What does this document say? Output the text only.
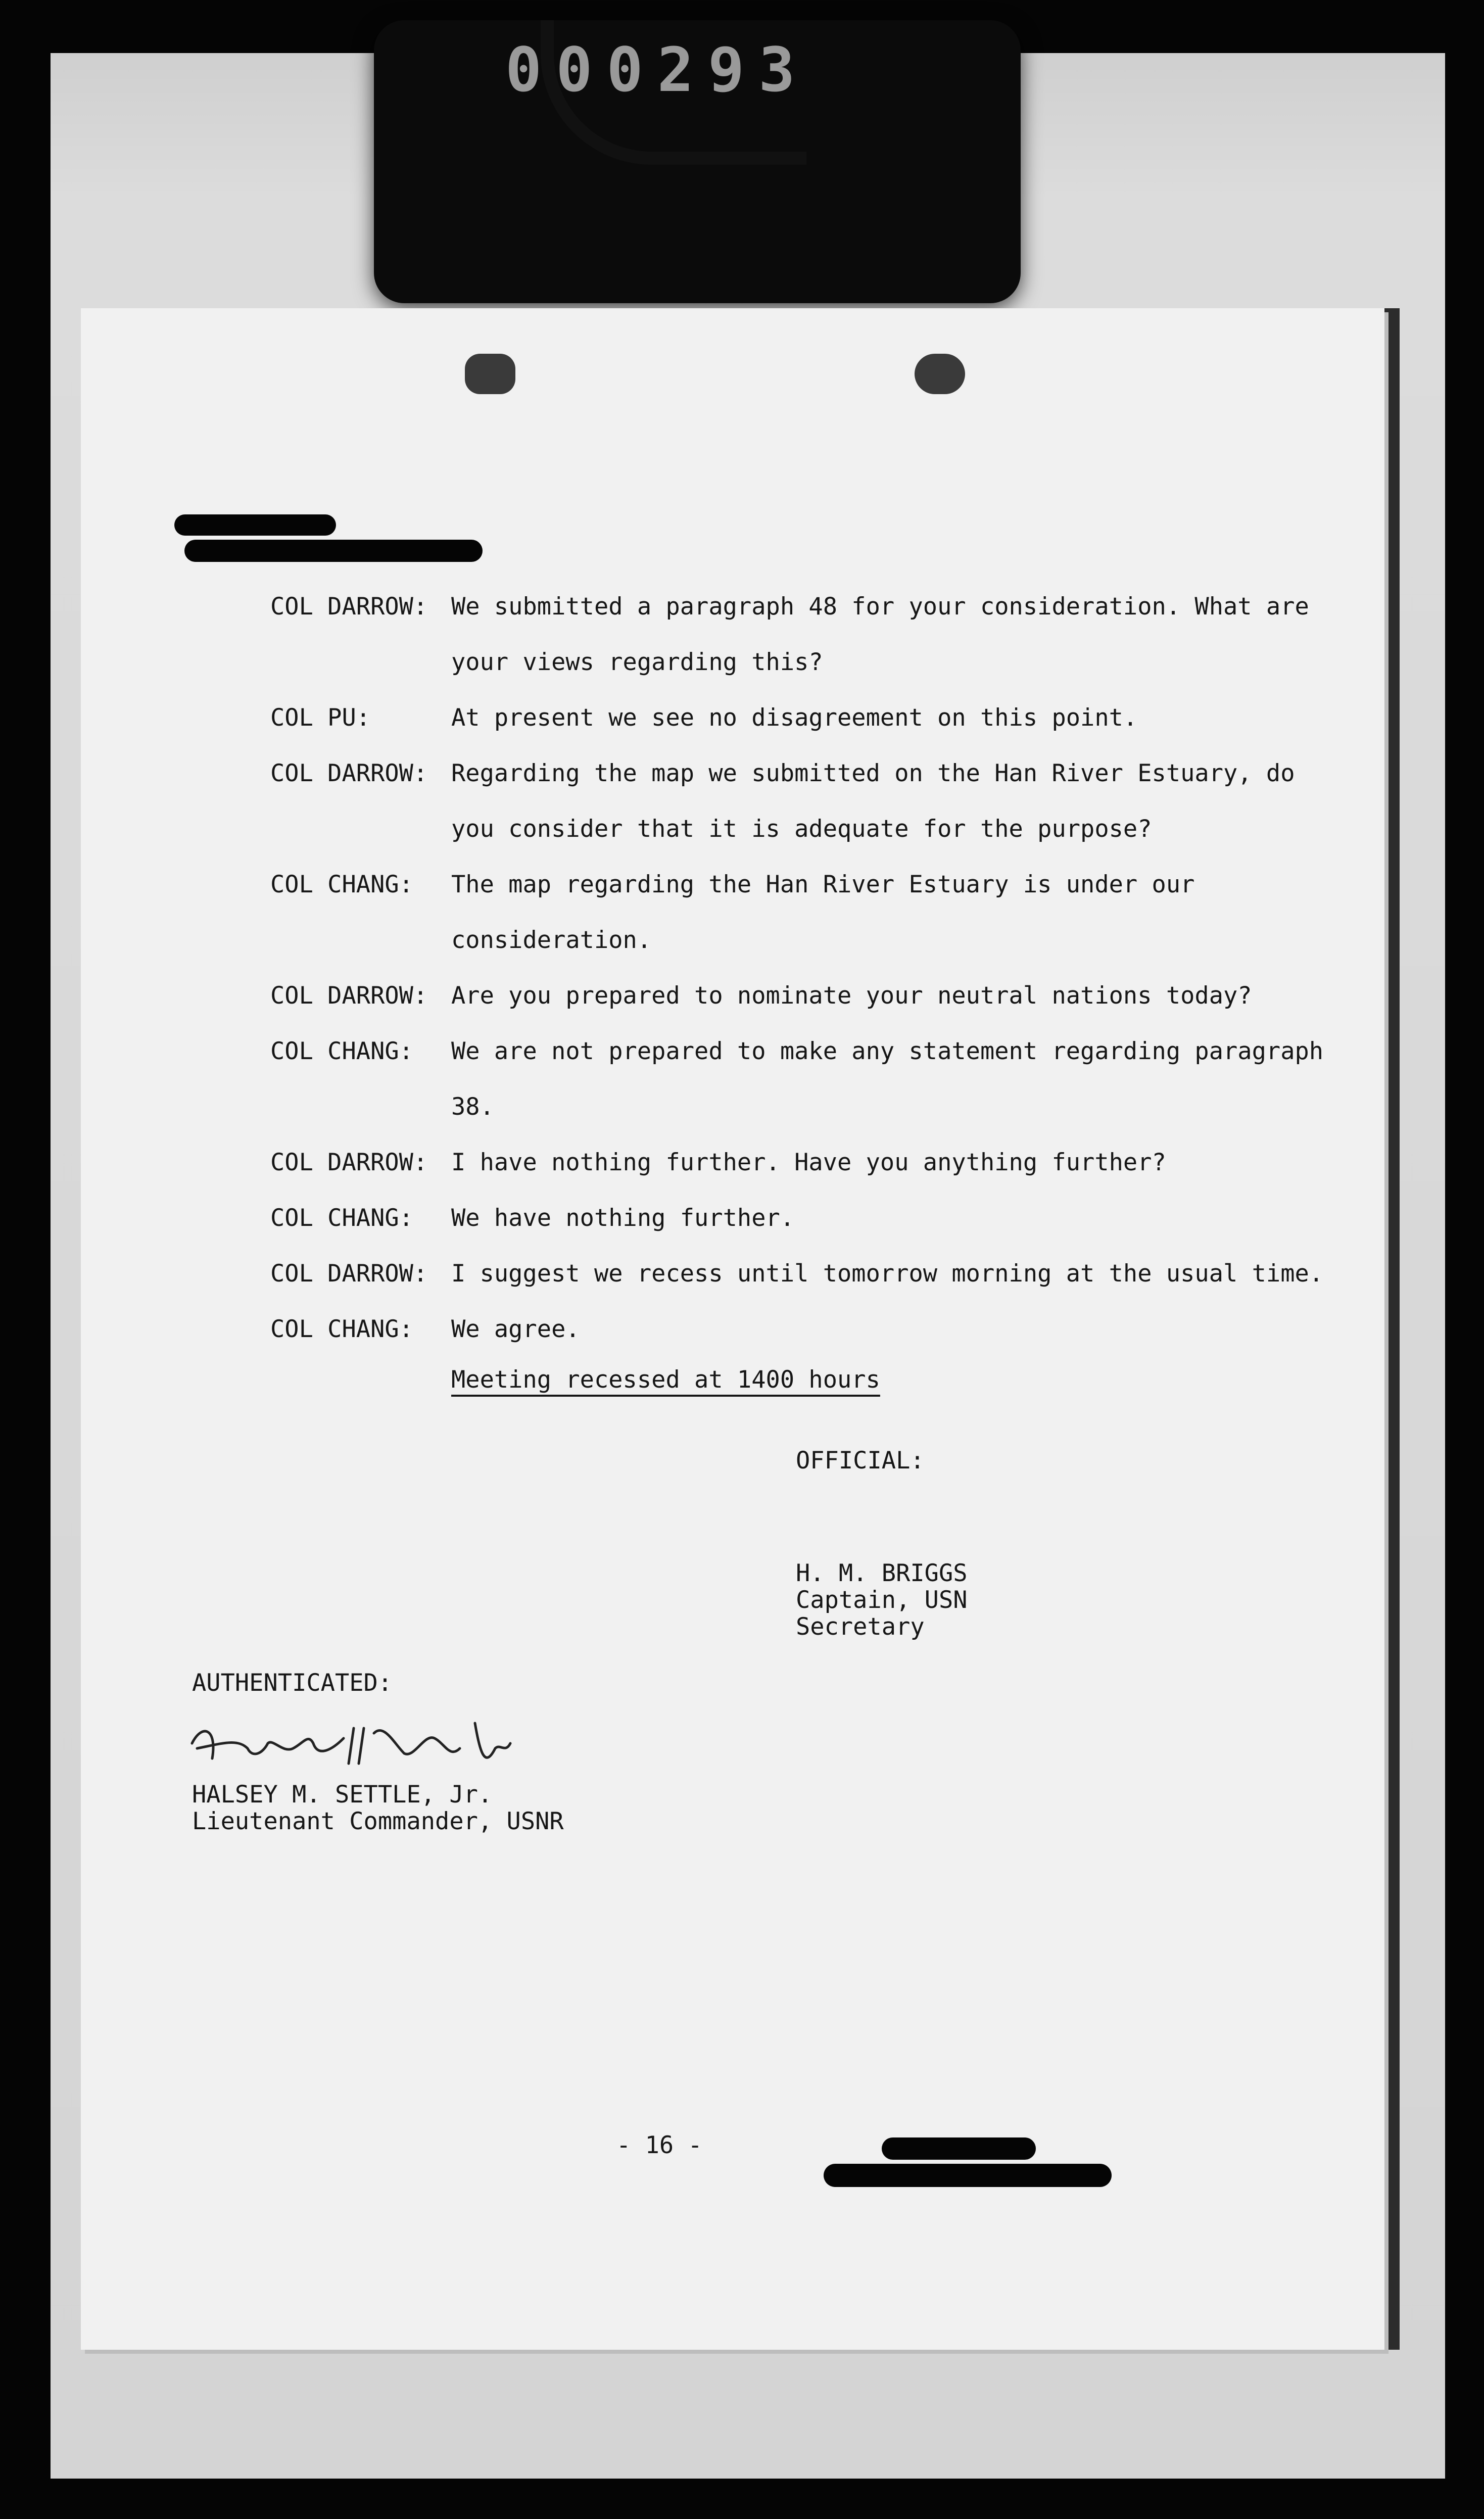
000293
COL DARROW: We submitted a paragraph 48 for your consideration. What are
your views regarding this?
COL PU:	At present we see no disagreement on this point.
COL DARROW: Regarding the map we submitted on the Han River Estuary, do
you consider that it is adequate for the purpose?
COL CHANG: The map regarding the Han River Estuary is under our
consideration.
COL DARROW: Are you prepared to nominate your neutral nations today?
COL CHANG: We are not prepared to make any statement regarding paragraph
38.
COL DARROW: I have nothing further. Have you anything further?
COL CHANG: We have nothing further.
COL DARROW: I suggest we recess until tomorrow morning at the usual time.
COL CHANG: We agree.
Meeting recessed at 1400 hours
OFFICIAL:
H. M. BRIGGS
Captain, USN
Secretary
AUTHENTICATED:
HALSEY M. SETTLE, Jr.
Lieutenant Commander, USNR
- 16 -
